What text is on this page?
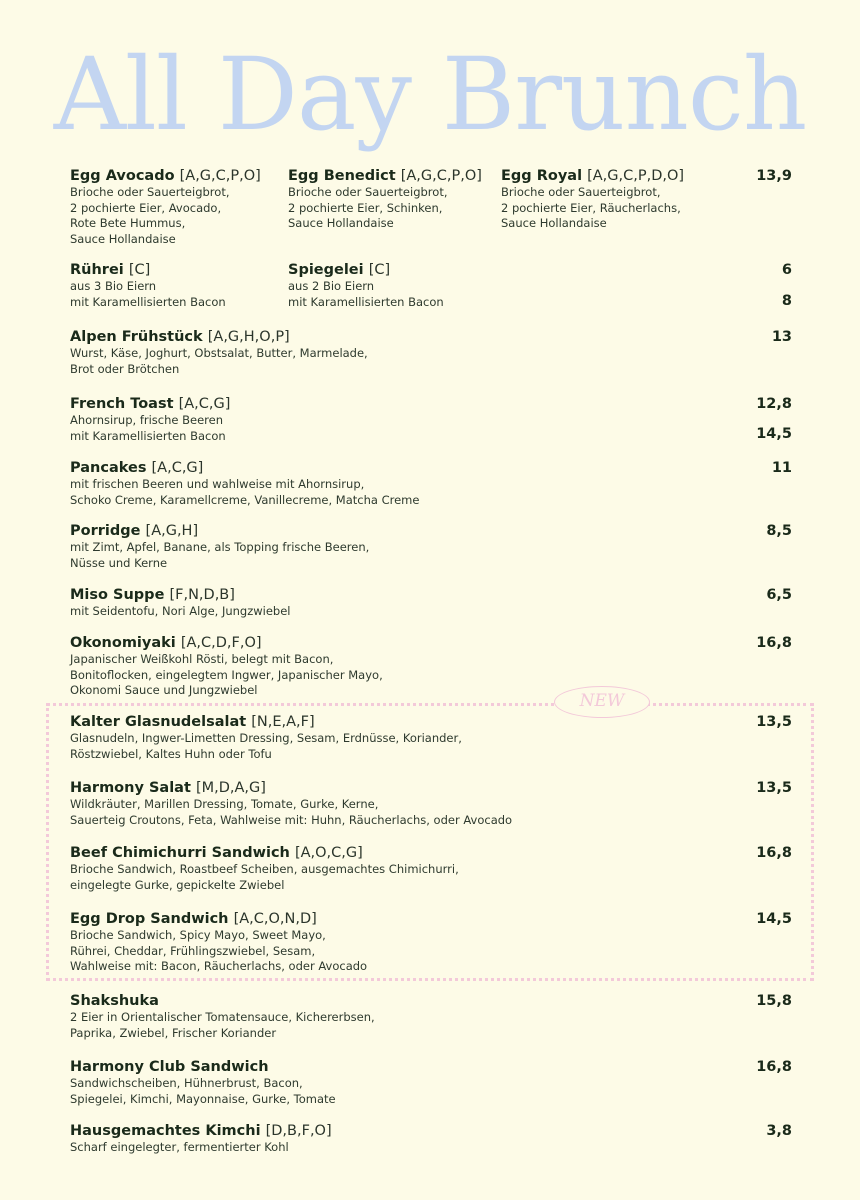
All Day Brunch
Egg Avocado [A,G,C,P,O]
Brioche oder Sauerteigbrot,
2 pochierte Eier, Avocado,
Rote Bete Hummus,
Sauce Hollandaise
Egg Benedict [A,G,C,P,O]
Brioche oder Sauerteigbrot,
2 pochierte Eier, Schinken,
Sauce Hollandaise
Egg Royal [A,G,C,P,D,O]
Brioche oder Sauerteigbrot,
2 pochierte Eier, Räucherlachs,
Sauce Hollandaise
13,9
Rührei [C]
aus 3 Bio Eiern
mit Karamellisierten Bacon
Spiegelei [C]
aus 2 Bio Eiern
mit Karamellisierten Bacon
6
8
Alpen Frühstück [A,G,H,O,P]
Wurst, Käse, Joghurt, Obstsalat, Butter, Marmelade,
Brot oder Brötchen
13
French Toast [A,C,G]
Ahornsirup, frische Beeren
mit Karamellisierten Bacon
12,8
14,5
Pancakes [A,C,G]
mit frischen Beeren und wahlweise mit Ahornsirup,
Schoko Creme, Karamellcreme, Vanillecreme, Matcha Creme
11
Porridge [A,G,H]
mit Zimt, Apfel, Banane, als Topping frische Beeren,
Nüsse und Kerne
8,5
Miso Suppe [F,N,D,B]
mit Seidentofu, Nori Alge, Jungzwiebel
6,5
Okonomiyaki [A,C,D,F,O]
Japanischer Weißkohl Rösti, belegt mit Bacon,
Bonitoflocken, eingelegtem Ingwer, Japanischer Mayo,
Okonomi Sauce und Jungzwiebel
16,8
NEW
Kalter Glasnudelsalat [N,E,A,F]
Glasnudeln, Ingwer-Limetten Dressing, Sesam, Erdnüsse, Koriander,
Röstzwiebel, Kaltes Huhn oder Tofu
13,5
Harmony Salat [M,D,A,G]
Wildkräuter, Marillen Dressing, Tomate, Gurke, Kerne,
Sauerteig Croutons, Feta, Wahlweise mit: Huhn, Räucherlachs, oder Avocado
13,5
Beef Chimichurri Sandwich [A,O,C,G]
Brioche Sandwich, Roastbeef Scheiben, ausgemachtes Chimichurri,
eingelegte Gurke, gepickelte Zwiebel
16,8
Egg Drop Sandwich [A,C,O,N,D]
Brioche Sandwich, Spicy Mayo, Sweet Mayo,
Rührei, Cheddar, Frühlingszwiebel, Sesam,
Wahlweise mit: Bacon, Räucherlachs, oder Avocado
14,5
Shakshuka
2 Eier in Orientalischer Tomatensauce, Kichererbsen,
Paprika, Zwiebel, Frischer Koriander
15,8
Harmony Club Sandwich
Sandwichscheiben, Hühnerbrust, Bacon,
Spiegelei, Kimchi, Mayonnaise, Gurke, Tomate
16,8
Hausgemachtes Kimchi [D,B,F,O]
Scharf eingelegter, fermentierter Kohl
3,8
